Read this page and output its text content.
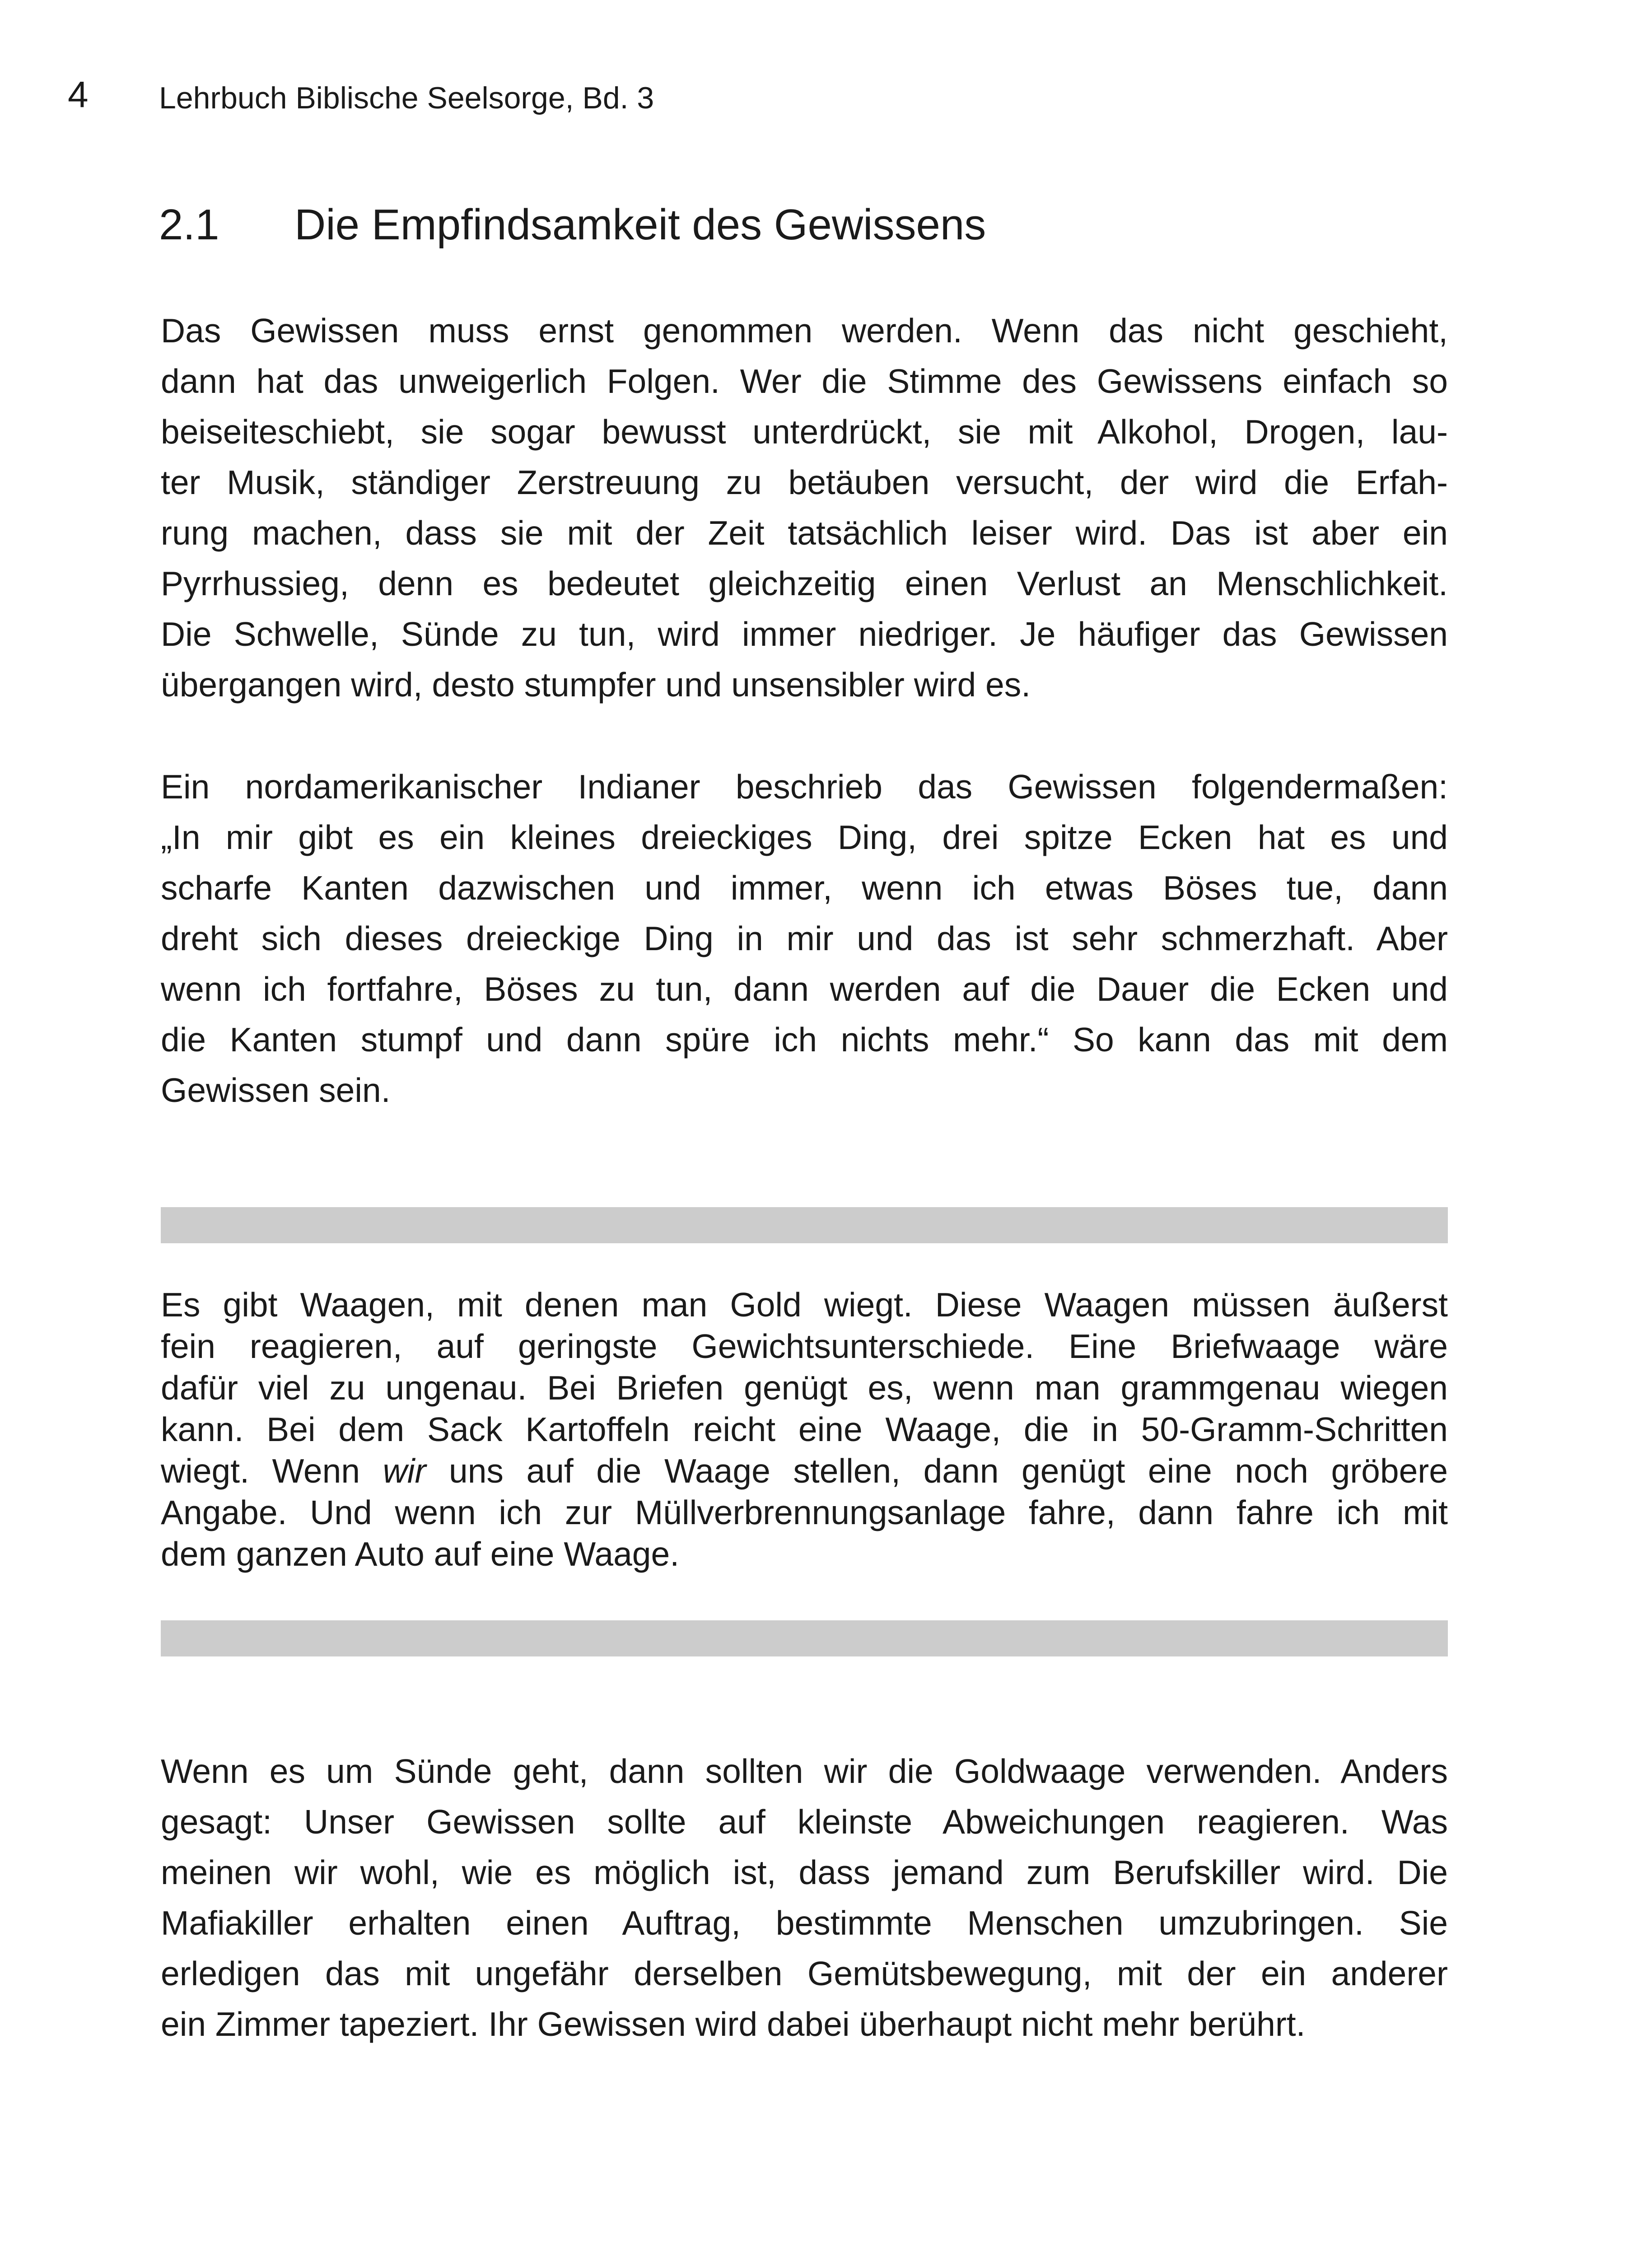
4 Lehrbuch Biblische Seelsorge, Bd. 3
2.1	Die Empfindsamkeit des Gewissens

Das Gewissen muss ernst genommen werden. Wenn das nicht geschieht,
dann hat das unweigerlich Folgen. Wer die Stimme des Gewissens einfach so
beiseiteschiebt, sie sogar bewusst unterdrückt, sie mit Alkohol, Drogen, lau-
ter Musik, ständiger Zerstreuung zu betäuben versucht, der wird die Erfah-
rung machen, dass sie mit der Zeit tatsächlich leiser wird. Das ist aber ein
Pyrrhussieg, denn es bedeutet gleichzeitig einen Verlust an Menschlichkeit.
Die Schwelle, Sünde zu tun, wird immer niedriger. Je häufiger das Gewissen
übergangen wird, desto stumpfer und unsensibler wird es.

Ein nordamerikanischer Indianer beschrieb das Gewissen folgendermaßen:
„In mir gibt es ein kleines dreieckiges Ding, drei spitze Ecken hat es und
scharfe Kanten dazwischen und immer, wenn ich etwas Böses tue, dann
dreht sich dieses dreieckige Ding in mir und das ist sehr schmerzhaft. Aber
wenn ich fortfahre, Böses zu tun, dann werden auf die Dauer die Ecken und
die Kanten stumpf und dann spüre ich nichts mehr.“ So kann das mit dem
Gewissen sein.

Es gibt Waagen, mit denen man Gold wiegt. Diese Waagen müssen äußerst
fein reagieren, auf geringste Gewichtsunterschiede. Eine Briefwaage wäre
dafür viel zu ungenau. Bei Briefen genügt es, wenn man grammgenau wiegen
kann. Bei dem Sack Kartoffeln reicht eine Waage, die in 50-Gramm-Schritten
wiegt. Wenn wir uns auf die Waage stellen, dann genügt eine noch gröbere
Angabe. Und wenn ich zur Müllverbrennungsanlage fahre, dann fahre ich mit
dem ganzen Auto auf eine Waage.

Wenn es um Sünde geht, dann sollten wir die Goldwaage verwenden. Anders
gesagt: Unser Gewissen sollte auf kleinste Abweichungen reagieren. Was
meinen wir wohl, wie es möglich ist, dass jemand zum Berufskiller wird. Die
Mafiakiller erhalten einen Auftrag, bestimmte Menschen umzubringen. Sie
erledigen das mit ungefähr derselben Gemütsbewegung, mit der ein anderer
ein Zimmer tapeziert. Ihr Gewissen wird dabei überhaupt nicht mehr berührt.
